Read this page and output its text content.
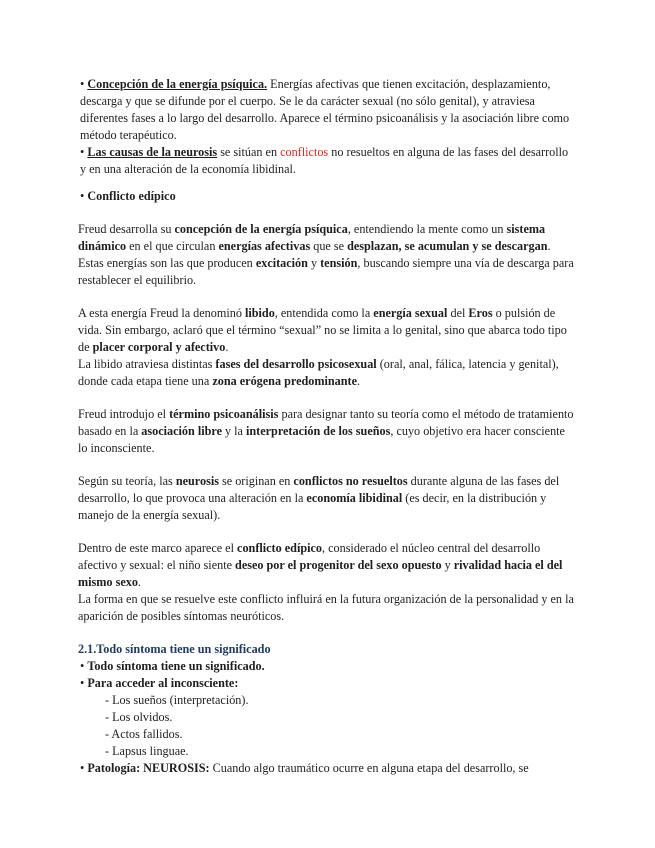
• Concepción de la energía psíquica. Energías afectivas que tienen excitación, desplazamiento, descarga y que se difunde por el cuerpo. Se le da carácter sexual (no sólo genital), y atraviesa diferentes fases a lo largo del desarrollo. Aparece el término psicoanálisis y la asociación libre como método terapéutico.

• Las causas de la neurosis se sitúan en conflictos no resueltos en alguna de las fases del desarrollo y en una alteración de la economía libidinal.

• Conflicto edípico

Freud desarrolla su concepción de la energía psíquica, entendiendo la mente como un sistema dinámico en el que circulan energías afectivas que se desplazan, se acumulan y se descargan. Estas energías son las que producen excitación y tensión, buscando siempre una vía de descarga para restablecer el equilibrio.

A esta energía Freud la denominó libido, entendida como la energía sexual del Eros o pulsión de vida. Sin embargo, aclaró que el término “sexual” no se limita a lo genital, sino que abarca todo tipo de placer corporal y afectivo.

La libido atraviesa distintas fases del desarrollo psicosexual (oral, anal, fálica, latencia y genital), donde cada etapa tiene una zona erógena predominante.

Freud introdujo el término psicoanálisis para designar tanto su teoría como el método de tratamiento basado en la asociación libre y la interpretación de los sueños, cuyo objetivo era hacer consciente lo inconsciente.

Según su teoría, las neurosis se originan en conflictos no resueltos durante alguna de las fases del desarrollo, lo que provoca una alteración en la economía libidinal (es decir, en la distribución y manejo de la energía sexual).

Dentro de este marco aparece el conflicto edípico, considerado el núcleo central del desarrollo afectivo y sexual: el niño siente deseo por el progenitor del sexo opuesto y rivalidad hacia el del mismo sexo.

La forma en que se resuelve este conflicto influirá en la futura organización de la personalidad y en la aparición de posibles síntomas neuróticos.

2.1.Todo síntoma tiene un significado

• Todo síntoma tiene un significado.

• Para acceder al inconsciente:

- Los sueños (interpretación).

- Los olvidos.

- Actos fallidos.

- Lapsus linguae.

• Patología: NEUROSIS: Cuando algo traumático ocurre en alguna etapa del desarrollo, se
